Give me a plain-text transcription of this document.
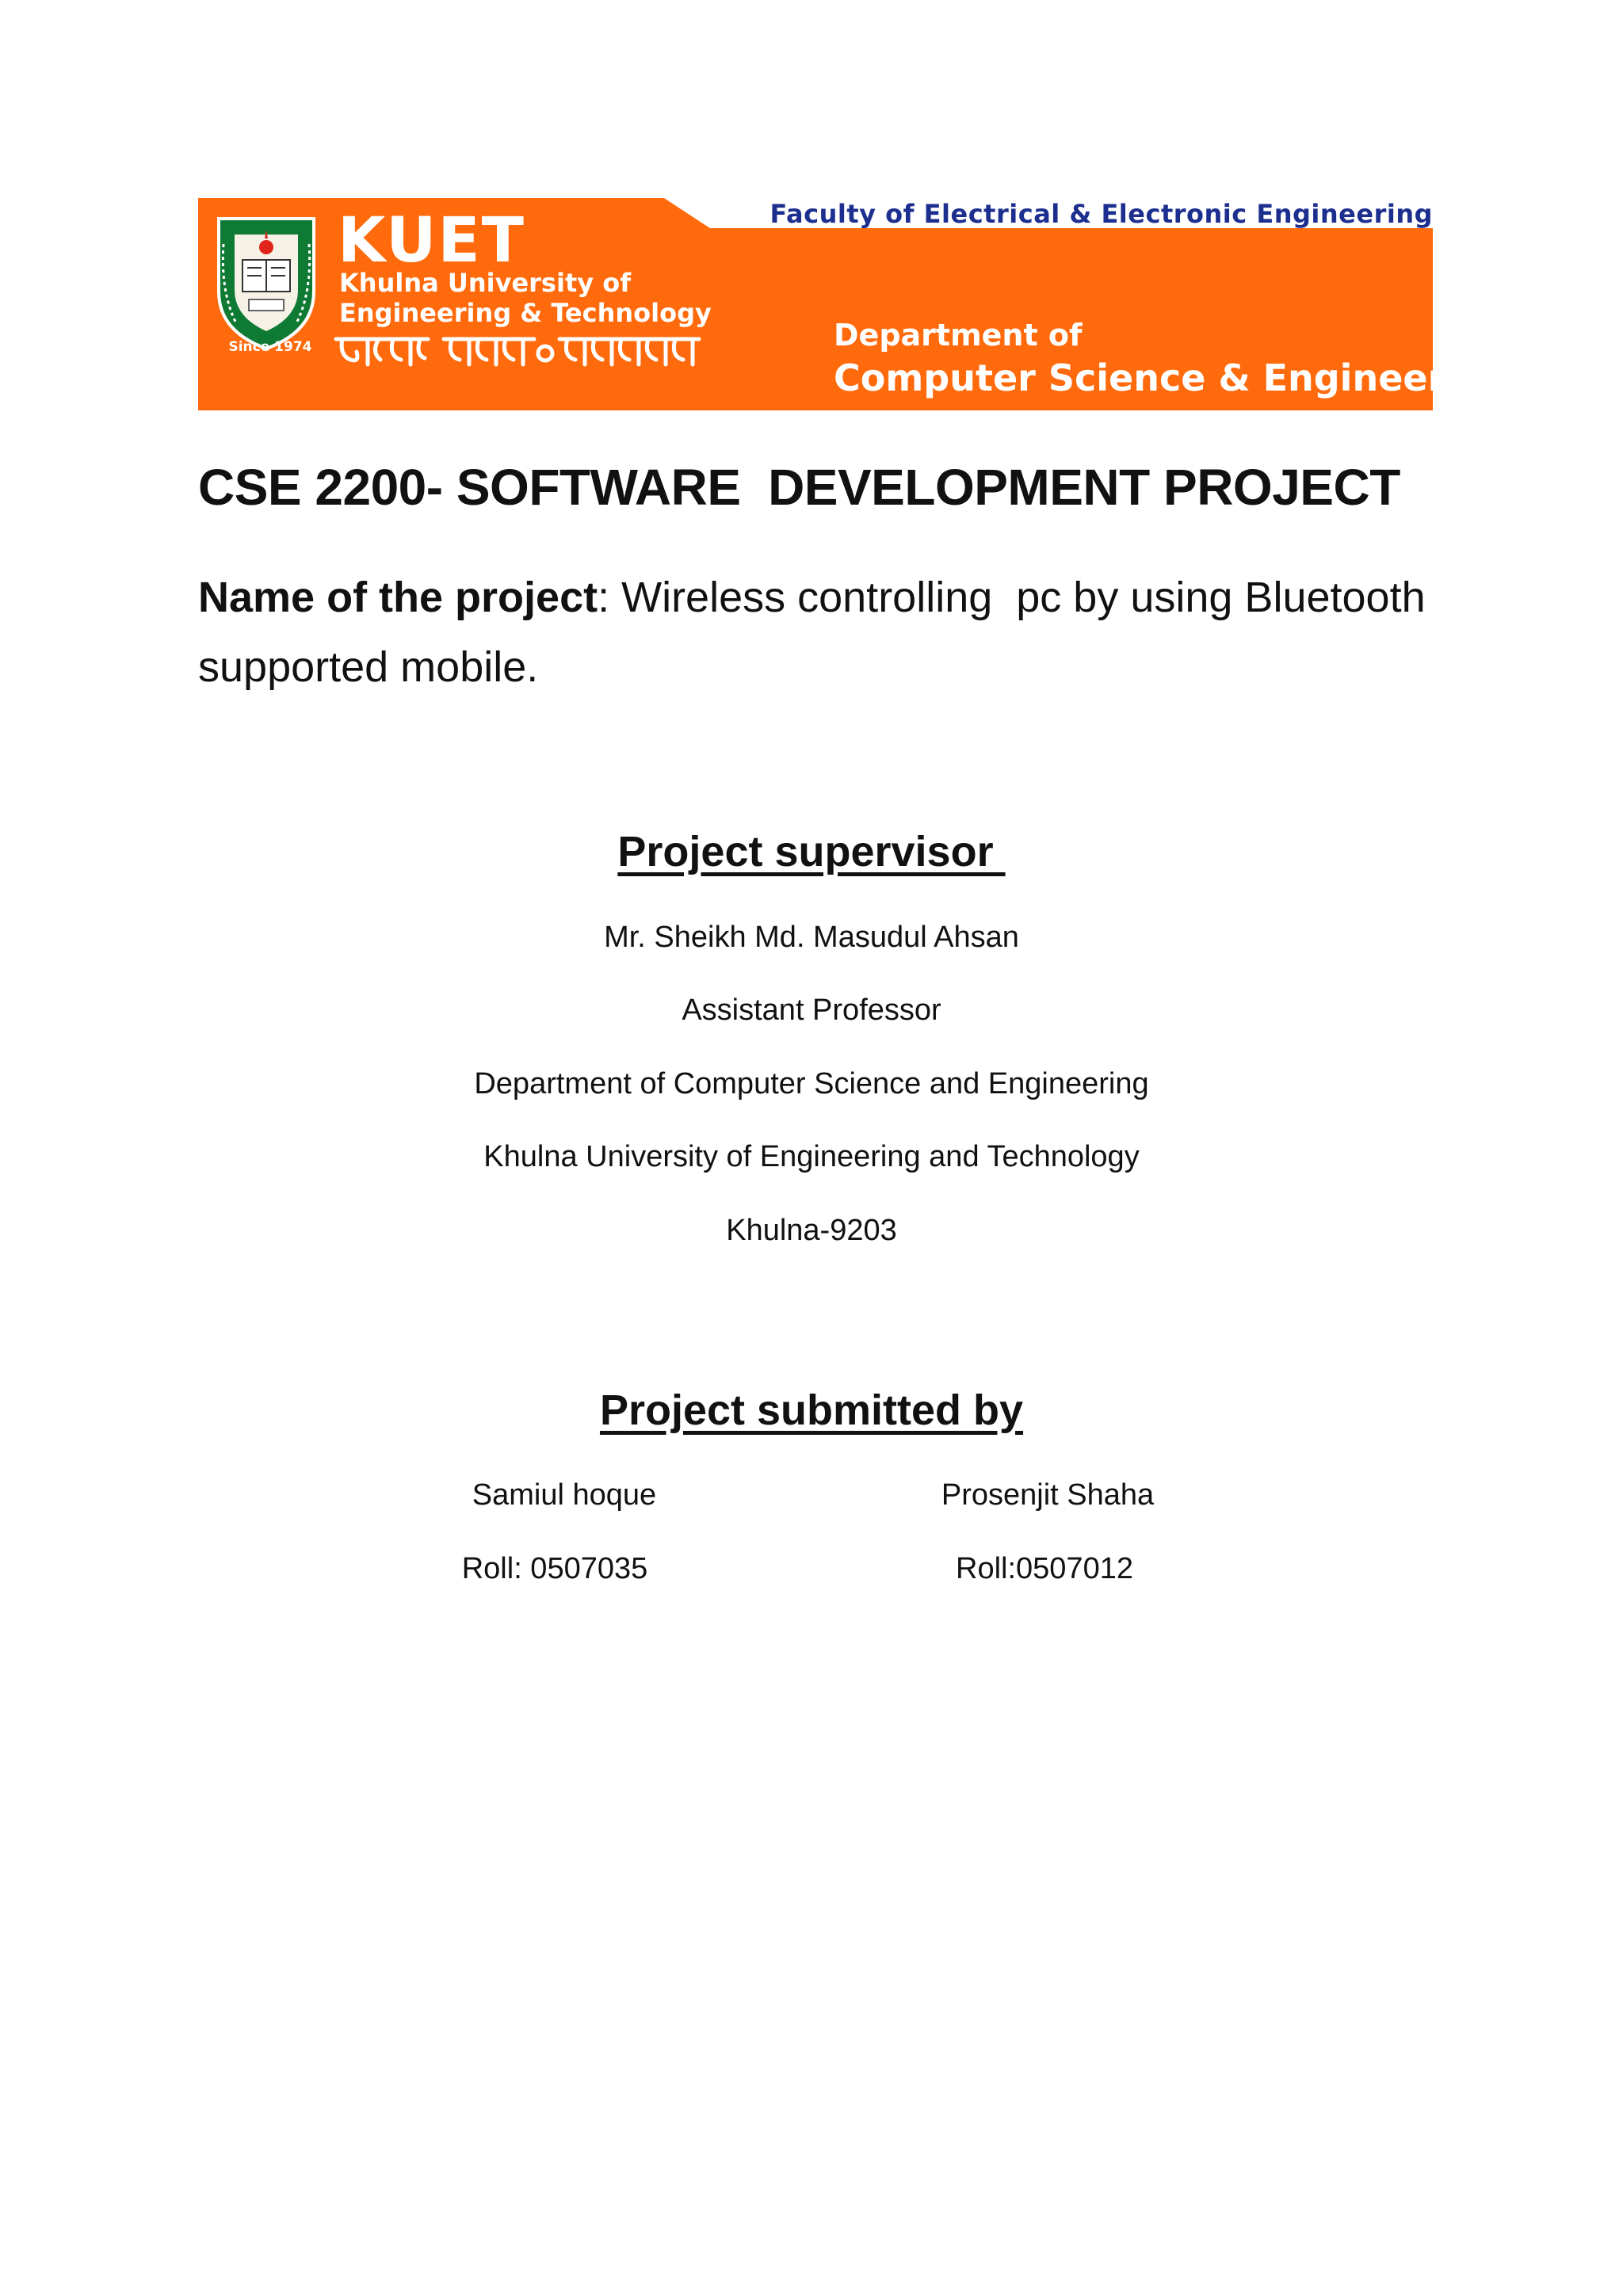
Faculty of Electrical & Electronic Engineering
Since 1974
KUET
Khulna University of
Engineering & Technology
Department of
Computer Science & Engineering
CSE 2200- SOFTWARE  DEVELOPMENT PROJECT
Name of the project: Wireless controlling  pc by using Bluetooth supported mobile.
Project supervisor
Mr. Sheikh Md. Masudul Ahsan
Assistant Professor
Department of Computer Science and Engineering
Khulna University of Engineering and Technology
Khulna-9203
Project submitted by
Samiul hoque
Roll: 0507035
Prosenjit Shaha
Roll:0507012
